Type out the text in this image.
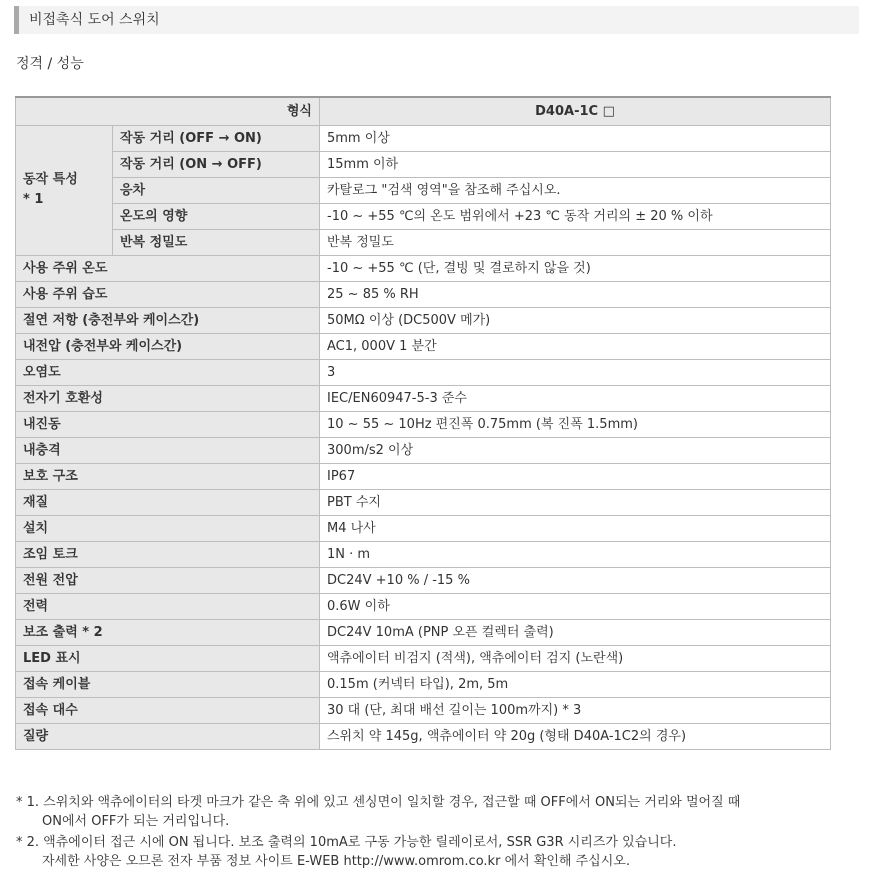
비접촉식 도어 스위치
정격 / 성능
형식		D40A-1C □
동작 특성
* 1	작동 거리 (OFF → ON)	5mm 이상
	작동 거리 (ON → OFF)	15mm 이하
	응차	카탈로그 "검색 영역"을 참조해 주십시오.
	온도의 영향	-10 ~ +55 ℃의 온도 범위에서 +23 ℃ 동작 거리의 ± 20 % 이하
	반복 정밀도	반복 정밀도
사용 주위 온도		-10 ~ +55 ℃ (단, 결빙 및 결로하지 않을 것)
사용 주위 습도		25 ~ 85 % RH
절연 저항 (충전부와 케이스간)		50MΩ 이상 (DC500V 메가)
내전압 (충전부와 케이스간)		AC1, 000V 1 분간
오염도		3
전자기 호환성		IEC/EN60947-5-3 준수
내진동		10 ~ 55 ~ 10Hz 편진폭 0.75mm (복 진폭 1.5mm)
내충격		300m/s2 이상
보호 구조		IP67
재질		PBT 수지
설치		M4 나사
조임 토크		1N · m
전원 전압		DC24V +10 % / -15 %
전력		0.6W 이하
보조 출력 * 2		DC24V 10mA (PNP 오픈 컬렉터 출력)
LED 표시		액츄에이터 비검지 (적색), 액츄에이터 검지 (노란색)
접속 케이블		0.15m (커넥터 타입), 2m, 5m
접속 대수		30 대 (단, 최대 배선 길이는 100m까지) * 3
질량		스위치 약 145g, 액츄에이터 약 20g (형태 D40A-1C2의 경우)
* 1. 스위치와 액츄에이터의 타겟 마크가 같은 축 위에 있고 센싱면이 일치할 경우, 접근할 때 OFF에서 ON되는 거리와 멀어질 때
ON에서 OFF가 되는 거리입니다.
* 2. 액츄에이터 접근 시에 ON 됩니다. 보조 출력의 10mA로 구동 가능한 릴레이로서, SSR G3R 시리즈가 있습니다.
자세한 사양은 오므론 전자 부품 정보 사이트 E-WEB http://www.omrom.co.kr 에서 확인해 주십시오.
